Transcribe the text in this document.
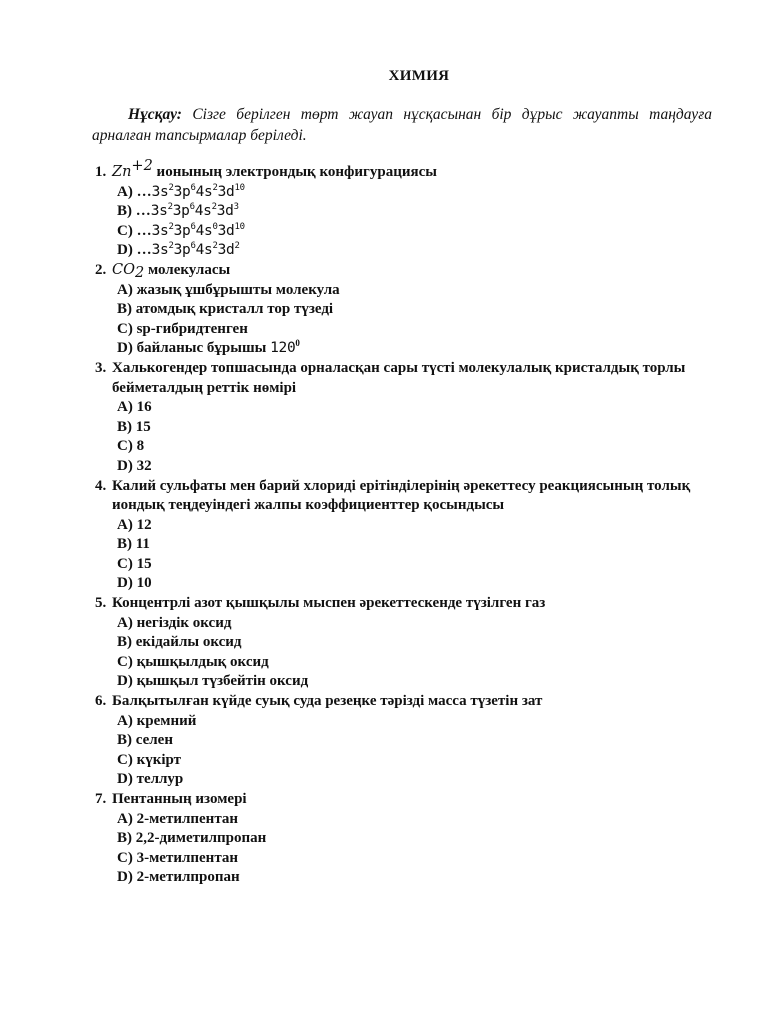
ХИМИЯ
Нұсқау: Сізге берілген төрт жауап нұсқасынан бір дұрыс жауапты таңдауға арналған тапсырмалар беріледі.
1. $Zn^{+2}$ ионының электрондық конфигурациясы
A) $\dots 3s^23p^64s^23d^{10}$
B) $\dots 3s^23p^64s^23d^3$
C) $\dots 3s^23p^64s^03d^{10}$
D) $\dots 3s^23p^64s^23d^2$
2. $CO_2$ молекуласы
A) жазық ұшбұрышты молекула
B) атомдық кристалл тор түзеді
C) sp-гибридтенген
D) байланыс бұрышы $120^0$
3. Халькогендер топшасында орналасқан сары түсті молекулалық кристалдық торлы бейметалдың реттік нөмірі
A) 16
B) 15
C) 8
D) 32
4. Калий сульфаты мен барий хлориді ерітінділерінің әрекеттесу реакциясының толық иондық теңдеуіндегі жалпы коэффициенттер қосындысы
A) 12
B) 11
C) 15
D) 10
5. Концентрлі азот қышқылы мыспен әрекеттескенде түзілген газ
A) негіздік оксид
B) екідайлы оксид
C) қышқылдық оксид
D) қышқыл түзбейтін оксид
6. Балқытылған күйде суық суда резеңке тәрізді масса түзетін зат
A) кремний
B) селен
C) күкірт
D) теллур
7. Пентанның изомері
A) 2-метилпентан
B) 2,2-диметилпропан
C) 3-метилпентан
D) 2-метилпропан
